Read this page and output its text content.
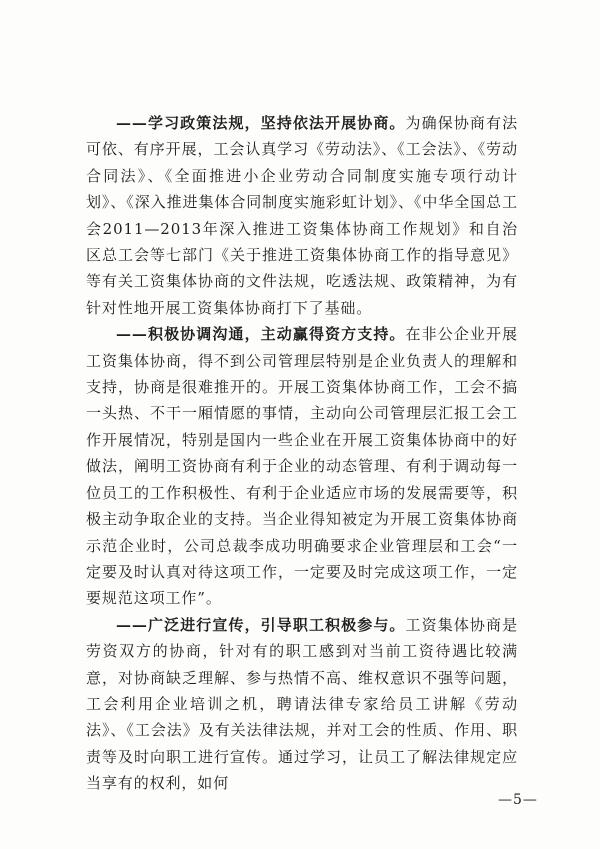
——学习政策法规，坚持依法开展协商。为确保协商有法可依、有序开展，工会认真学习《劳动法》、《工会法》、《劳动合同法》、《全面推进小企业劳动合同制度实施专项行动计划》、《深入推进集体合同制度实施彩虹计划》、《中华全国总工会2011—2013年深入推进工资集体协商工作规划》和自治区总工会等七部门《关于推进工资集体协商工作的指导意见》等有关工资集体协商的文件法规，吃透法规、政策精神，为有针对性地开展工资集体协商打下了基础。

——积极协调沟通，主动赢得资方支持。在非公企业开展工资集体协商，得不到公司管理层特别是企业负责人的理解和支持，协商是很难推开的。开展工资集体协商工作，工会不搞一头热、不干一厢情愿的事情，主动向公司管理层汇报工会工作开展情况，特别是国内一些企业在开展工资集体协商中的好做法，阐明工资协商有利于企业的动态管理、有利于调动每一位员工的工作积极性、有利于企业适应市场的发展需要等，积极主动争取企业的支持。当企业得知被定为开展工资集体协商示范企业时，公司总裁李成功明确要求企业管理层和工会“一定要及时认真对待这项工作，一定要及时完成这项工作，一定要规范这项工作”。

——广泛进行宣传，引导职工积极参与。工资集体协商是劳资双方的协商，针对有的职工感到对当前工资待遇比较满意，对协商缺乏理解、参与热情不高、维权意识不强等问题，工会利用企业培训之机，聘请法律专家给员工讲解《劳动法》、《工会法》及有关法律法规，并对工会的性质、作用、职责等及时向职工进行宣传。通过学习，让员工了解法律规定应当享有的权利，如何

—5—
